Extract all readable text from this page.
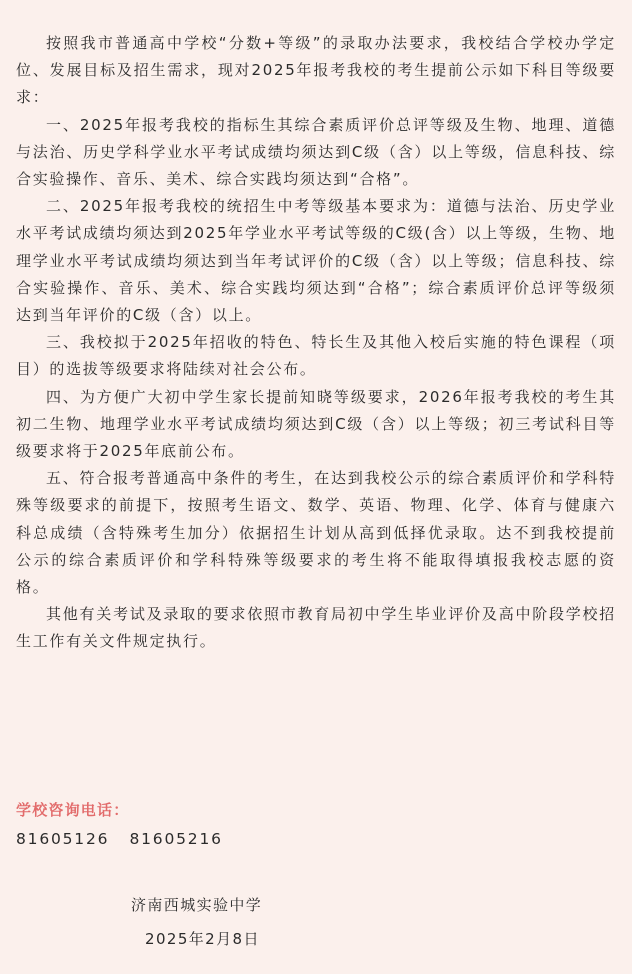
按照我市普通高中学校“分数+等级”的录取办法要求，我校结合学校办学定位、发展目标及招生需求，现对2025年报考我校的考生提前公示如下科目等级要求：

一、2025年报考我校的指标生其综合素质评价总评等级及生物、地理、道德与法治、历史学科学业水平考试成绩均须达到C级（含）以上等级，信息科技、综合实验操作、音乐、美术、综合实践均须达到“合格”。

二、2025年报考我校的统招生中考等级基本要求为：道德与法治、历史学业水平考试成绩均须达到2025年学业水平考试等级的C级(含）以上等级，生物、地理学业水平考试成绩均须达到当年考试评价的C级（含）以上等级；信息科技、综合实验操作、音乐、美术、综合实践均须达到“合格”；综合素质评价总评等级须达到当年评价的C级（含）以上。

三、我校拟于2025年招收的特色、特长生及其他入校后实施的特色课程（项目）的选拔等级要求将陆续对社会公布。

四、为方便广大初中学生家长提前知晓等级要求，2026年报考我校的考生其初二生物、地理学业水平考试成绩均须达到C级（含）以上等级；初三考试科目等级要求将于2025年底前公布。

五、符合报考普通高中条件的考生，在达到我校公示的综合素质评价和学科特殊等级要求的前提下，按照考生语文、数学、英语、物理、化学、体育与健康六科总成绩（含特殊考生加分）依据招生计划从高到低择优录取。达不到我校提前公示的综合素质评价和学科特殊等级要求的考生将不能取得填报我校志愿的资格。

其他有关考试及录取的要求依照市教育局初中学生毕业评价及高中阶段学校招生工作有关文件规定执行。

学校咨询电话：
81605126   81605216
济南西城实验中学
2025年2月8日
